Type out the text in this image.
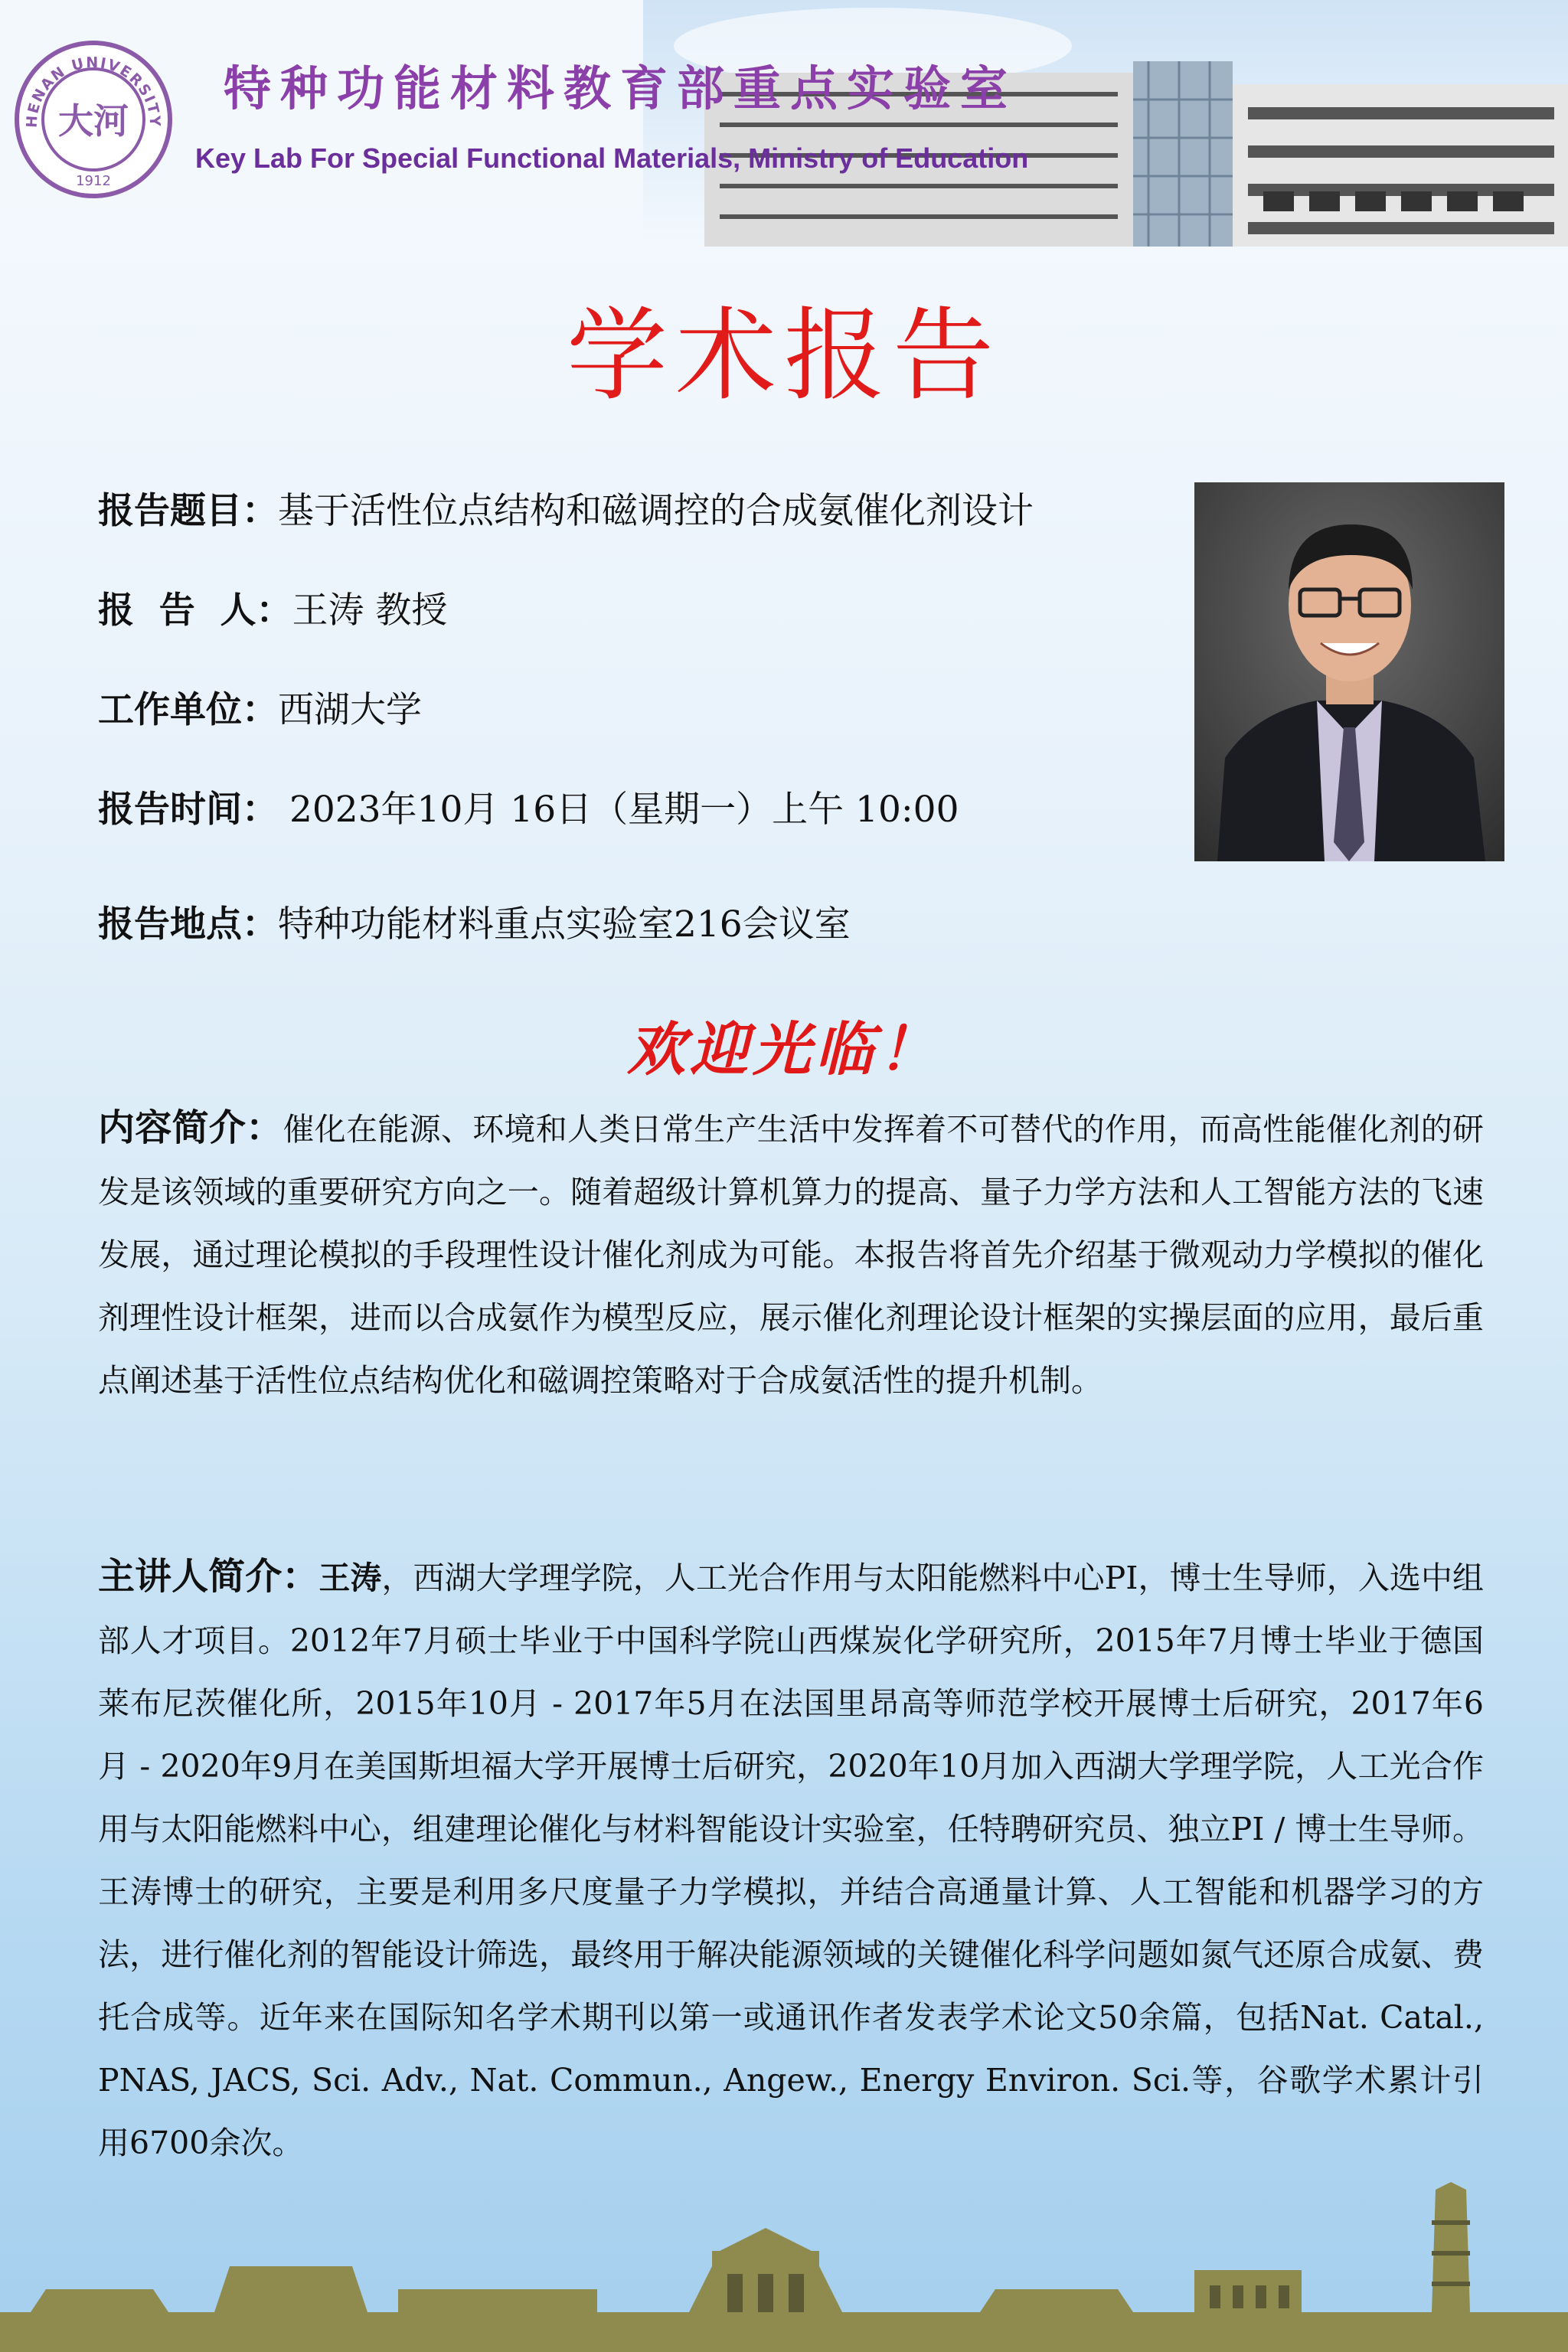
HENAN UNIVERSITY
1912
大河
特种功能材料教育部重点实验室
Key Lab For Special Functional Materials, Ministry of Education
学术报告
报告题目：基于活性位点结构和磁调控的合成氨催化剂设计
报  告  人：王涛 教授
工作单位：西湖大学
报告时间： 2023年10月 16日（星期一）上午 10:00
报告地点：特种功能材料重点实验室216会议室
欢迎光临！

内容简介：催化在能源、环境和人类日常生产生活中发挥着不可替代的作用，而高性能催化剂的研发是该领域的重要研究方向之一。随着超级计算机算力的提高、量子力学方法和人工智能方法的飞速发展，通过理论模拟的手段理性设计催化剂成为可能。本报告将首先介绍基于微观动力学模拟的催化剂理性设计框架，进而以合成氨作为模型反应，展示催化剂理论设计框架的实操层面的应用，最后重点阐述基于活性位点结构优化和磁调控策略对于合成氨活性的提升机制。

主讲人简介：王涛，西湖大学理学院，人工光合作用与太阳能燃料中心PI，博士生导师，入选中组部人才项目。2012年7月硕士毕业于中国科学院山西煤炭化学研究所，2015年7月博士毕业于德国莱布尼茨催化所，2015年10月 - 2017年5月在法国里昂高等师范学校开展博士后研究，2017年6月 - 2020年9月在美国斯坦福大学开展博士后研究，2020年10月加入西湖大学理学院，人工光合作用与太阳能燃料中心，组建理论催化与材料智能设计实验室，任特聘研究员、独立PI / 博士生导师。王涛博士的研究，主要是利用多尺度量子力学模拟，并结合高通量计算、人工智能和机器学习的方法，进行催化剂的智能设计筛选，最终用于解决能源领域的关键催化科学问题如氮气还原合成氨、费托合成等。近年来在国际知名学术期刊以第一或通讯作者发表学术论文50余篇，包括Nat. Catal., PNAS, JACS, Sci. Adv., Nat. Commun., Angew., Energy Environ. Sci.等，谷歌学术累计引用6700余次。
